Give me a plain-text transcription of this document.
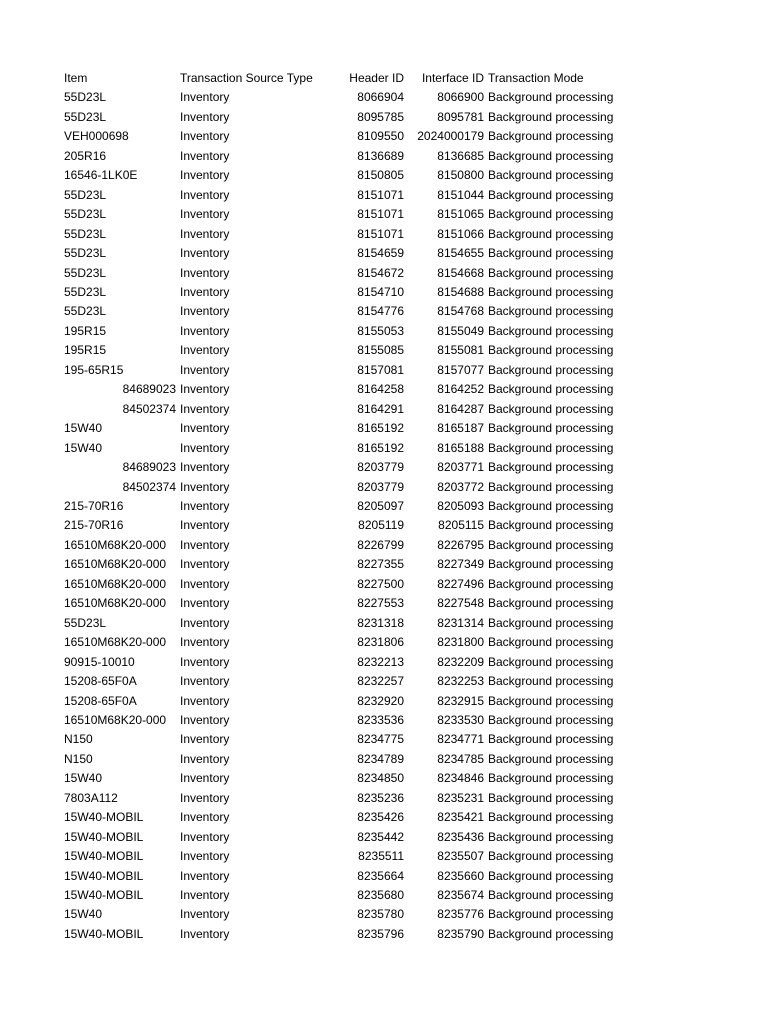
Item	Transaction Source Type	Header ID	Interface ID	Transaction Mode
55D23L	Inventory	8066904	8066900	Background processing
55D23L	Inventory	8095785	8095781	Background processing
VEH000698	Inventory	8109550	2024000179	Background processing
205R16	Inventory	8136689	8136685	Background processing
16546-1LK0E	Inventory	8150805	8150800	Background processing
55D23L	Inventory	8151071	8151044	Background processing
55D23L	Inventory	8151071	8151065	Background processing
55D23L	Inventory	8151071	8151066	Background processing
55D23L	Inventory	8154659	8154655	Background processing
55D23L	Inventory	8154672	8154668	Background processing
55D23L	Inventory	8154710	8154688	Background processing
55D23L	Inventory	8154776	8154768	Background processing
195R15	Inventory	8155053	8155049	Background processing
195R15	Inventory	8155085	8155081	Background processing
195-65R15	Inventory	8157081	8157077	Background processing
84689023	Inventory	8164258	8164252	Background processing
84502374	Inventory	8164291	8164287	Background processing
15W40	Inventory	8165192	8165187	Background processing
15W40	Inventory	8165192	8165188	Background processing
84689023	Inventory	8203779	8203771	Background processing
84502374	Inventory	8203779	8203772	Background processing
215-70R16	Inventory	8205097	8205093	Background processing
215-70R16	Inventory	8205119	8205115	Background processing
16510M68K20-000	Inventory	8226799	8226795	Background processing
16510M68K20-000	Inventory	8227355	8227349	Background processing
16510M68K20-000	Inventory	8227500	8227496	Background processing
16510M68K20-000	Inventory	8227553	8227548	Background processing
55D23L	Inventory	8231318	8231314	Background processing
16510M68K20-000	Inventory	8231806	8231800	Background processing
90915-10010	Inventory	8232213	8232209	Background processing
15208-65F0A	Inventory	8232257	8232253	Background processing
15208-65F0A	Inventory	8232920	8232915	Background processing
16510M68K20-000	Inventory	8233536	8233530	Background processing
N150	Inventory	8234775	8234771	Background processing
N150	Inventory	8234789	8234785	Background processing
15W40	Inventory	8234850	8234846	Background processing
7803A112	Inventory	8235236	8235231	Background processing
15W40-MOBIL	Inventory	8235426	8235421	Background processing
15W40-MOBIL	Inventory	8235442	8235436	Background processing
15W40-MOBIL	Inventory	8235511	8235507	Background processing
15W40-MOBIL	Inventory	8235664	8235660	Background processing
15W40-MOBIL	Inventory	8235680	8235674	Background processing
15W40	Inventory	8235780	8235776	Background processing
15W40-MOBIL	Inventory	8235796	8235790	Background processing
